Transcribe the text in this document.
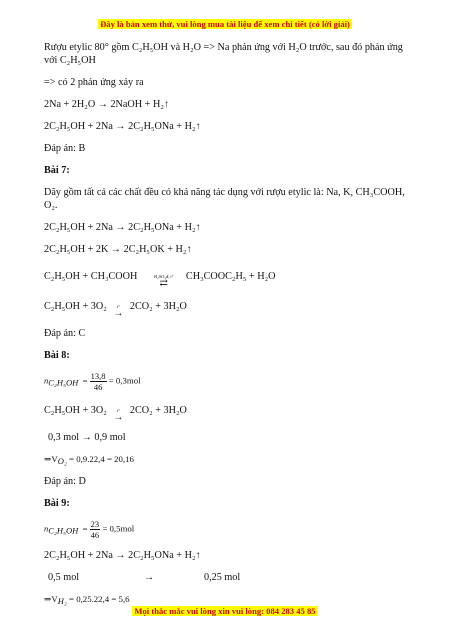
Đây là bản xem thử, vui lòng mua tài liệu để xem chi tiết (có lời giải)

Rượu etylic 80° gồm C₂H₅OH và H₂O => Na phản ứng với H₂O trước, sau đó phản ứng với C₂H₅OH

=> có 2 phản ứng xảy ra

2Na + 2H₂O → 2NaOH + H₂↑

2C₂H₅OH + 2Na → 2C₂H₅ONa + H₂↑

Đáp án: B

Bài 7:

Dãy gồm tất cả các chất đều có khả năng tác dụng với rượu etylic là: Na, K, CH₃COOH, O₂.

2C₂H₅OH + 2Na → 2C₂H₅ONa + H₂↑

2C₂H₅OH + 2K → 2C₂H₅OK + H₂↑

C₂H₅OH + CH₃COOH	H₂SO₄đ, t°
⇄
CH₃COOC₂H₅ + H₂O

C₂H₅OH + 3O₂ t°
→
2CO₂ + 3H₂O

Đáp án: C

Bài 8:

$n_{C_2H_5OH} = \frac{13,8}{46} = 0,3mol$

C₂H₅OH + 3O₂ t°
→
2CO₂ + 3H₂O

0,3 mol → 0,9 mol

$\Rightarrow V_{O_2} = 0,9.22,4 = 20,16$

Đáp án: D

Bài 9:

$n_{C_2H_5OH} = \frac{23}{46} = 0,5mol$

2C₂H₅OH + 2Na → 2C₂H₅ONa + H₂↑

0,5 mol	→	0,25 mol

$\Rightarrow V_{H_2} = 0,25.22,4 = 5,6$

Mọi thắc mắc vui lòng xin vui lòng: 084 283 45 85
